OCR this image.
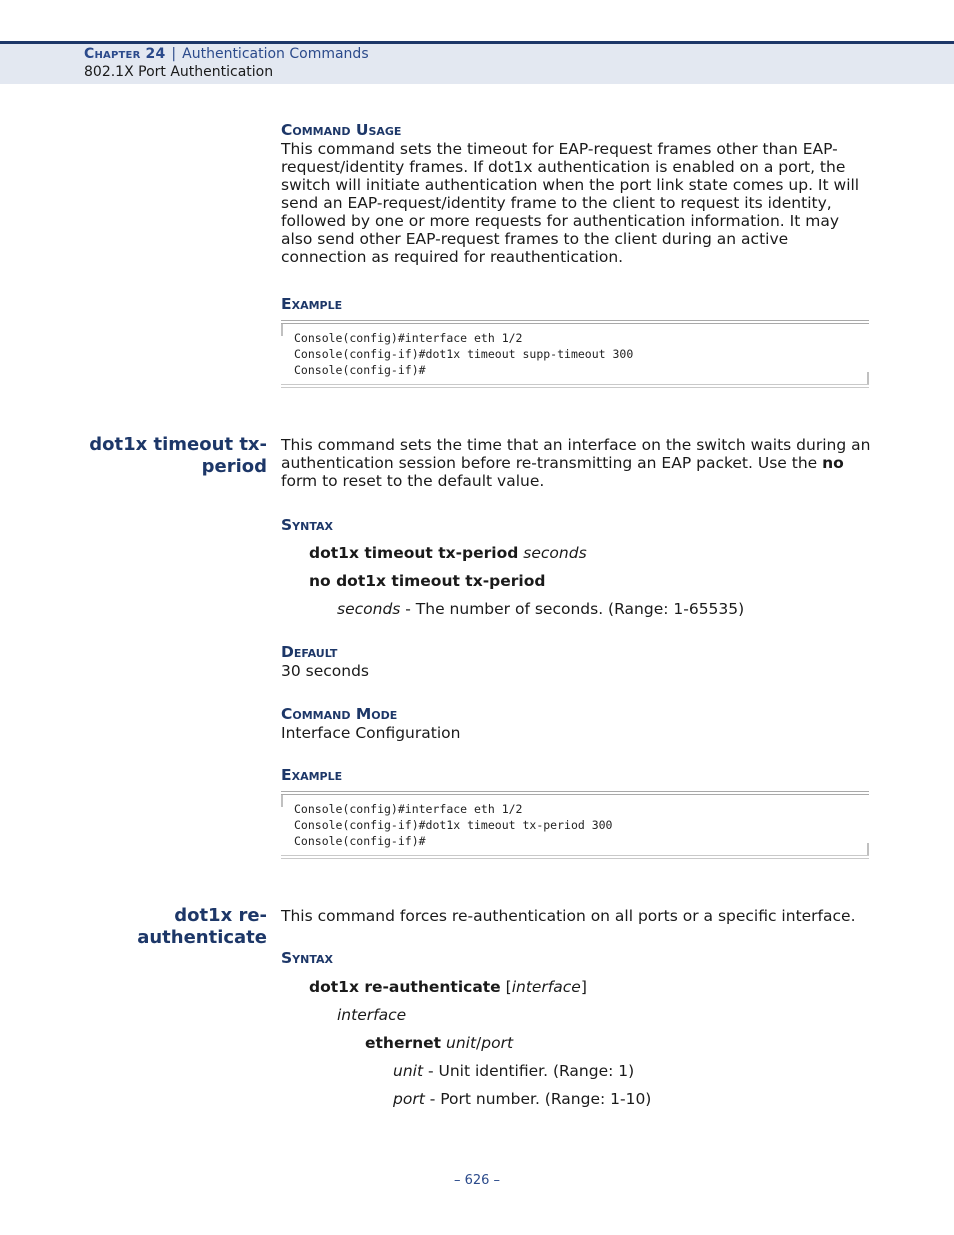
Chapter 24 | Authentication Commands
802.1X Port Authentication
Command Usage
This command sets the timeout for EAP-request frames other than EAP-
request/identity frames. If dot1x authentication is enabled on a port, the
switch will initiate authentication when the port link state comes up. It will
send an EAP-request/identity frame to the client to request its identity,
followed by one or more requests for authentication information. It may
also send other EAP-request frames to the client during an active
connection as required for reauthentication.
Example
Console(config)#interface eth 1/2
Console(config-if)#dot1x timeout supp-timeout 300
Console(config-if)#
dot1x timeout tx-
period
This command sets the time that an interface on the switch waits during an
authentication session before re-transmitting an EAP packet. Use the no
form to reset to the default value.
Syntax
dot1x timeout tx-period seconds
no dot1x timeout tx-period
seconds - The number of seconds. (Range: 1-65535)
Default
30 seconds
Command Mode
Interface Configuration
Example
Console(config)#interface eth 1/2
Console(config-if)#dot1x timeout tx-period 300
Console(config-if)#
dot1x re-
authenticate
This command forces re-authentication on all ports or a specific interface.
Syntax
dot1x re-authenticate [interface]
interface
ethernet unit/port
unit - Unit identifier. (Range: 1)
port - Port number. (Range: 1-10)
– 626 –
